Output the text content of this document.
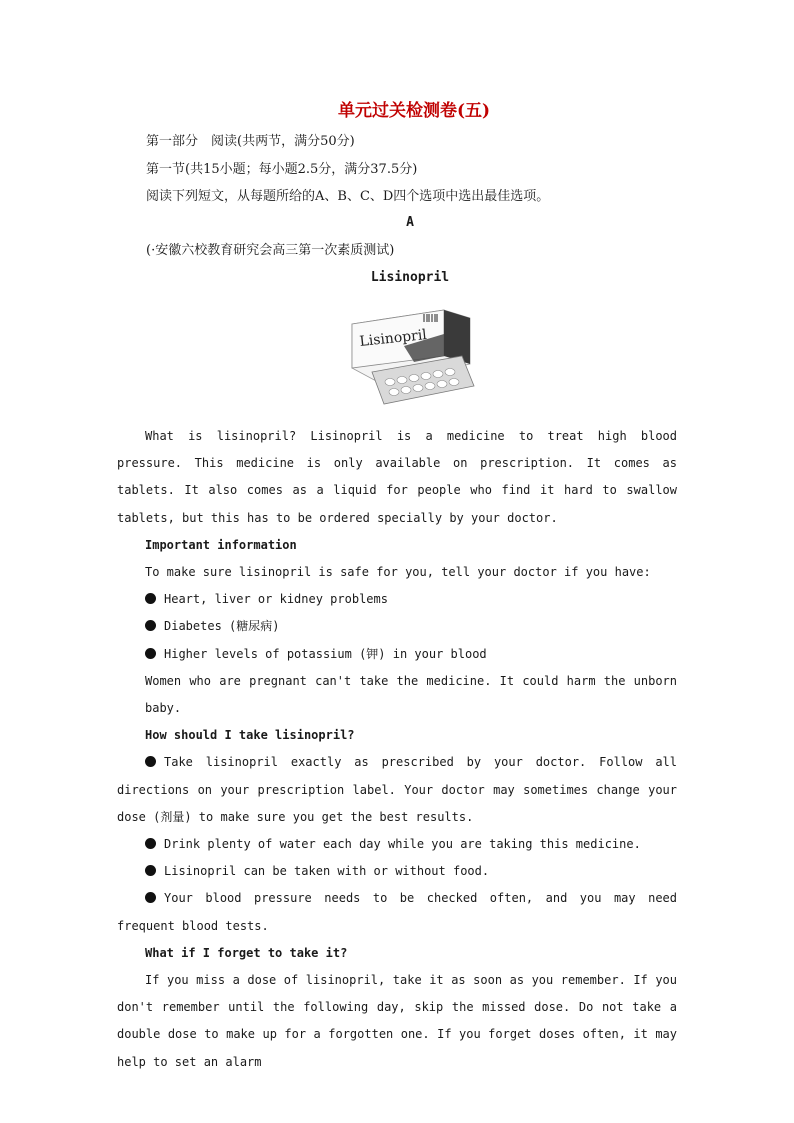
单元过关检测卷(五)
第一部分　阅读(共两节，满分50分)
第一节(共15小题；每小题2.5分，满分37.5分)
阅读下列短文，从每题所给的A、B、C、D四个选项中选出最佳选项。
A
(·安徽六校教育研究会高三第一次素质测试)
Lisinopril
Lisinopril

What is lisinopril? Lisinopril is a medicine to treat high blood pressure. This medicine is only available on prescription. It comes as tablets. It also comes as a liquid for people who find it hard to swallow tablets, but this has to be ordered specially by your doctor.

Important information

To make sure lisinopril is safe for you, tell your doctor if you have:

Heart, liver or kidney problems

Diabetes (糖尿病)

Higher levels of potassium (钾) in your blood

Women who are pregnant can't take the medicine. It could harm the unborn baby.

How should I take lisinopril?

Take lisinopril exactly as prescribed by your doctor. Follow all directions on your prescription label. Your doctor may sometimes change your dose (剂量) to make sure you get the best results.

Drink plenty of water each day while you are taking this medicine.

Lisinopril can be taken with or without food.

Your blood pressure needs to be checked often, and you may need frequent blood tests.

What if I forget to take it?

If you miss a dose of lisinopril, take it as soon as you remember. If you don't remember until the following day, skip the missed dose. Do not take a double dose to make up for a forgotten one. If you forget doses often, it may help to set an alarm
